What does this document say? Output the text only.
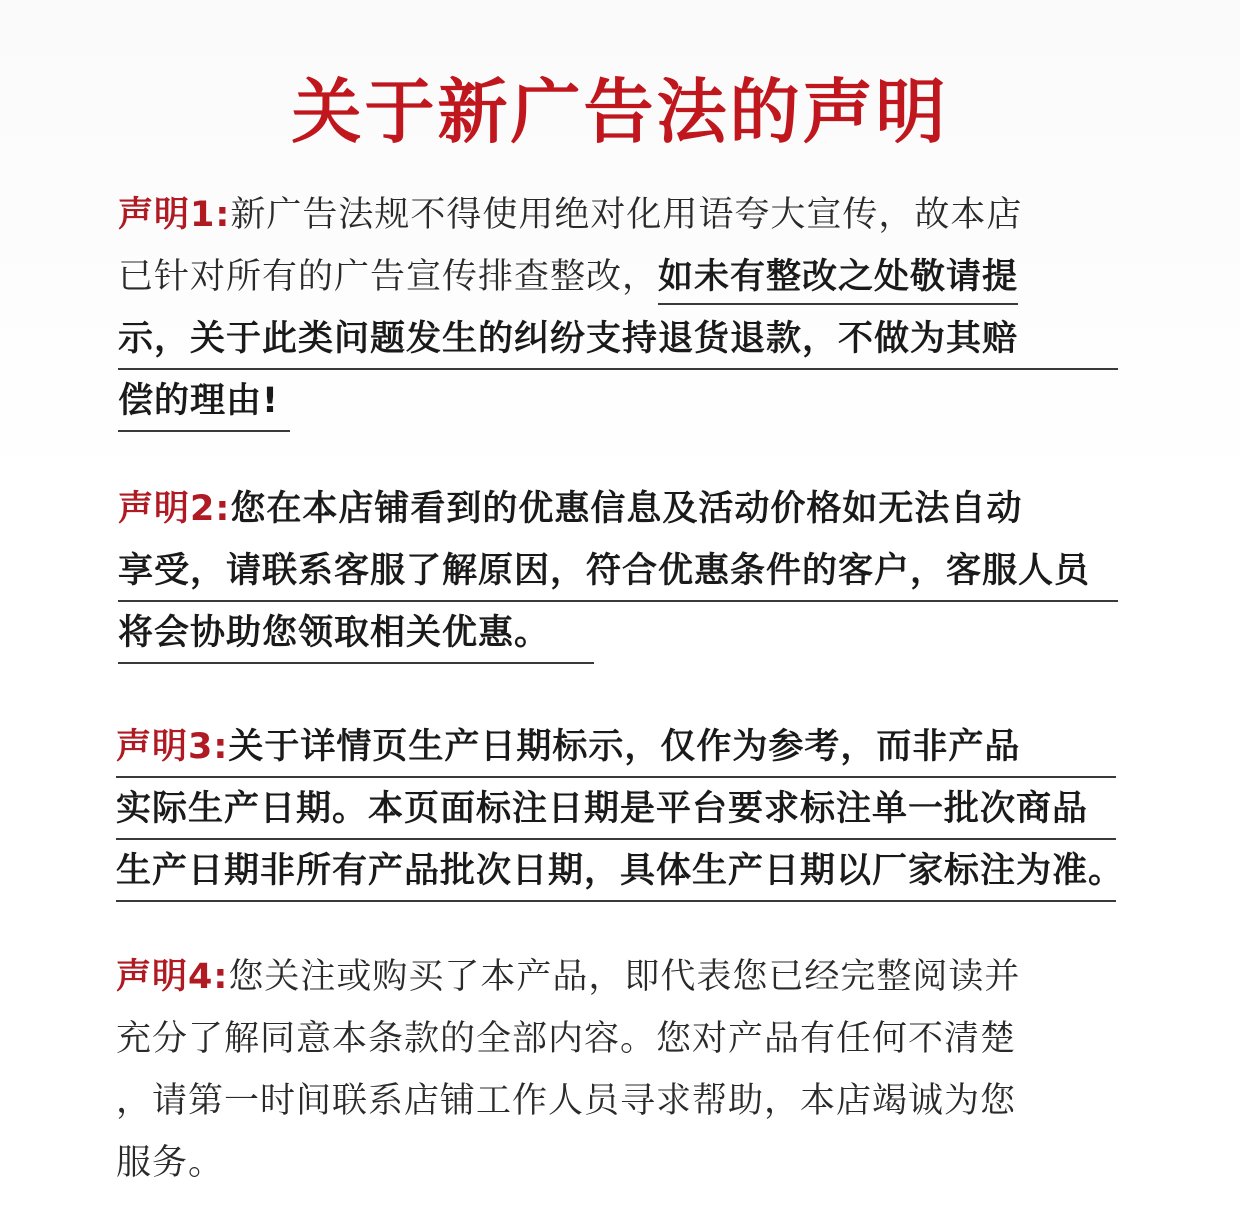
关于新广告法的声明
声明1:新广告法规不得使用绝对化用语夸大宣传，故本店
已针对所有的广告宣传排查整改，如未有整改之处敬请提
示，关于此类问题发生的纠纷支持退货退款，不做为其赔
偿的理由!
声明2:您在本店铺看到的优惠信息及活动价格如无法自动
享受，请联系客服了解原因，符合优惠条件的客户，客服人员
将会协助您领取相关优惠。
声明3:关于详情页生产日期标示，仅作为参考，而非产品
实际生产日期。本页面标注日期是平台要求标注单一批次商品
生产日期非所有产品批次日期，具体生产日期以厂家标注为准。
声明4:您关注或购买了本产品，即代表您已经完整阅读并
充分了解同意本条款的全部内容。您对产品有任何不清楚
，请第一时间联系店铺工作人员寻求帮助，本店竭诚为您
服务。
